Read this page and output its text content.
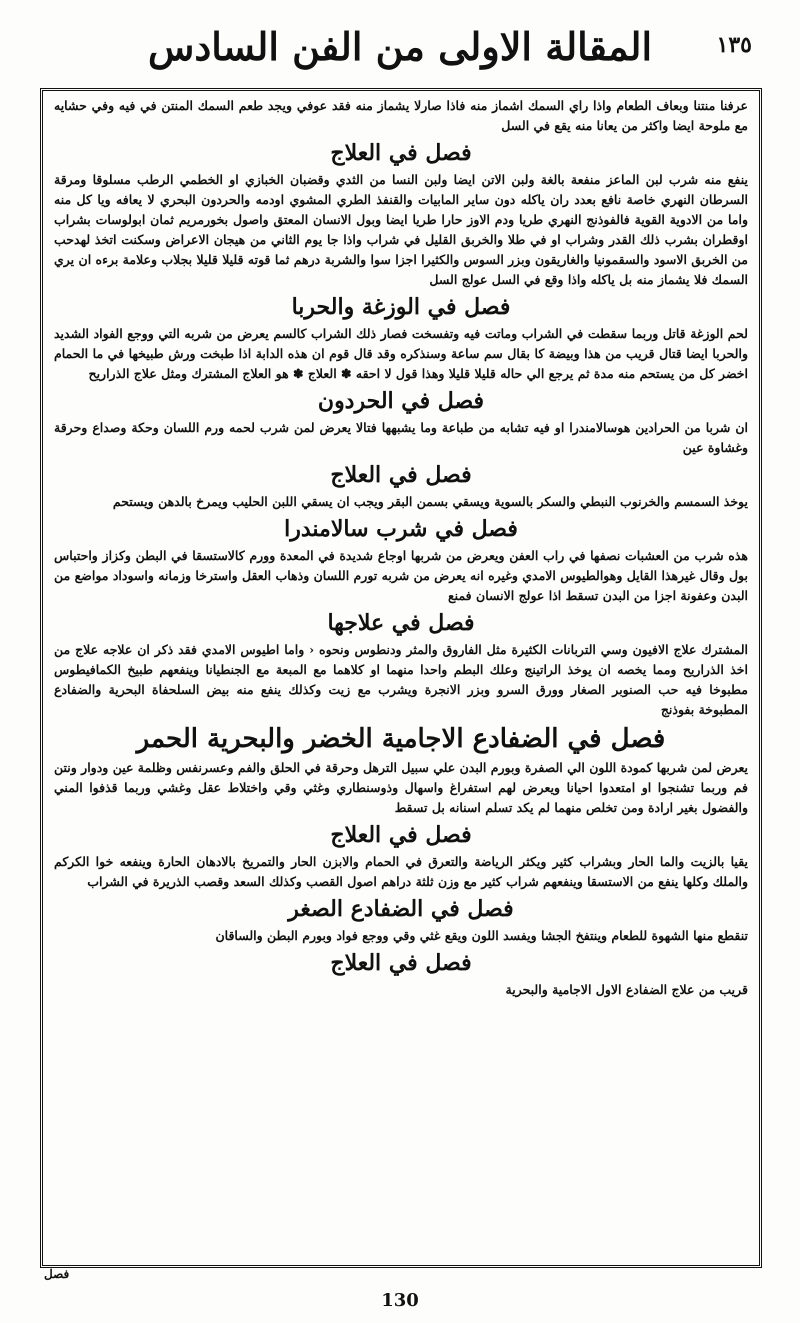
١٣٥
المقالة الاولى من الفن السادس
عرفنا منتنا وبعاف الطعام واذا راي السمك اشماز منه فاذا صارلا يشماز منه فقد عوفي ويجد طعم السمك المنتن في فيه وفي حشايه مع ملوحة ايضا واكثر من يعانا منه يقع في السل
فصل في العلاج
ينفع منه شرب لبن الماعز منفعة بالغة ولبن الاتن ايضا ولبن النسا من الثدي وقضبان الخبازي او الخطمي الرطب مسلوقا ومرقة السرطان النهري خاصة نافع بعدد ران ياكله دون ساير المابيات والقنفذ الطري المشوي اودمه والحردون البحري لا يعافه ويا كل منه واما من الادوية القوية فالفوذنج النهري طريا ودم الاوز حارا طريا ايضا وبول الانسان المعتق واصول بخورمريم ثمان ابولوسات بشراب اوقطران بشرب ذلك القدر وشراب او في طلا والخربق القليل في شراب واذا جا يوم الثاني من هيجان الاعراض وسكنت اتخذ لهدحب من الخربق الاسود والسقمونيا والغاريقون وبزر السوس والكثيرا اجزا سوا والشربة درهم ثما قوته قليلا قليلا بجلاب وعلامة برءه ان يري السمك فلا يشماز منه بل ياكله واذا وقع في السل عولج السل
فصل في الوزغة والحربا
لحم الوزغة قاتل وربما سقطت في الشراب وماتت فيه وتفسخت فصار ذلك الشراب كالسم يعرض من شربه التي ووجع الفواد الشديد والحربا ايضا قتال قريب من هذا وبيضة كا بقال سم ساعة وسنذكره وقد قال قوم ان هذه الدابة اذا طبخت ورش طبيخها في ما الحمام اخضر كل من يستحم منه مدة ثم يرجع الي حاله قليلا قليلا وهذا قول لا احقه ✽ العلاج ✽ هو العلاج المشترك ومثل علاج الذراريح
فصل في الحردون
ان شربا من الحرادين هوسالامندرا او فيه تشابه من طباعة وما يشبهها فتالا يعرض لمن شرب لحمه ورم اللسان وحكة وصداع وحرقة وغشاوة عين
فصل في العلاج
يوخذ السمسم والخرنوب النبطي والسكر بالسوية ويسقي بسمن البقر ويجب ان يسقي اللبن الحليب ويمرخ بالدهن ويستحم
فصل في شرب سالامندرا
هذه شرب من العشبات نصفها في راب العفن ويعرض من شربها اوجاع شديدة في المعدة وورم كالاستسقا في البطن وكزاز واحتباس بول وقال غيرهذا القايل وهوالطيوس الامدي وغيره انه يعرض من شربه تورم اللسان وذهاب العقل واسترخا وزمانه واسوداد مواضع من البدن وعفونة اجزا من البدن تسقط اذا عولج الانسان فمنع
فصل في علاجها
المشترك علاج الافيون وسي التربانات الكثيرة مثل الفاروق والمثر ودنطوس ونحوه ‹ واما اطيوس الامدي فقد ذكر ان علاجه علاج من اخذ الذراريح ومما يخصه ان يوخذ الراتينج وعلك البطم واحدا منهما او كلاهما مع المبعة مع الجنطيانا وينفعهم طبيخ الكمافيطوس مطبوخا فيه حب الصنوبر الصغار وورق السرو وبزر الانجرة ويشرب مع زيت وكذلك ينفع منه بيض السلحفاة البحرية والضفادع المطبوخة بفوذنج
فصل في الضفادع الاجامية الخضر والبحرية الحمر
يعرض لمن شربها كمودة اللون الي الصفرة وبورم البدن علي سبيل الترهل وحرقة في الحلق والفم وعسرنفس وظلمة عين ودوار ونتن فم وربما تشنجوا او امتعدوا احيانا ويعرض لهم استفراغ واسهال وذوسنطاري وغثي وقي واختلاط عقل وغشي وربما قذفوا المني والفضول بغير ارادة ومن تخلص منهما لم يكد تسلم اسنانه بل تسقط
فصل في العلاج
يقيا بالزيت والما الحار وبشراب كثير ويكثر الرياضة والتعرق في الحمام والابزن الحار والتمريخ بالادهان الحارة وينفعه خوا الكركم والملك وكلها ينفع من الاستسقا وينفعهم شراب كثير مع وزن ثلثة دراهم اصول القصب وكذلك السعد وقصب الذريرة في الشراب
فصل في الضفادع الصغر
تنقطع منها الشهوة للطعام وينتفخ الجشا ويفسد اللون ويقع غثي وقي ووجع فواد وبورم البطن والساقان
فصل في العلاج
قريب من علاج الضفادع الاول الاجامية والبحرية
فصل
130
